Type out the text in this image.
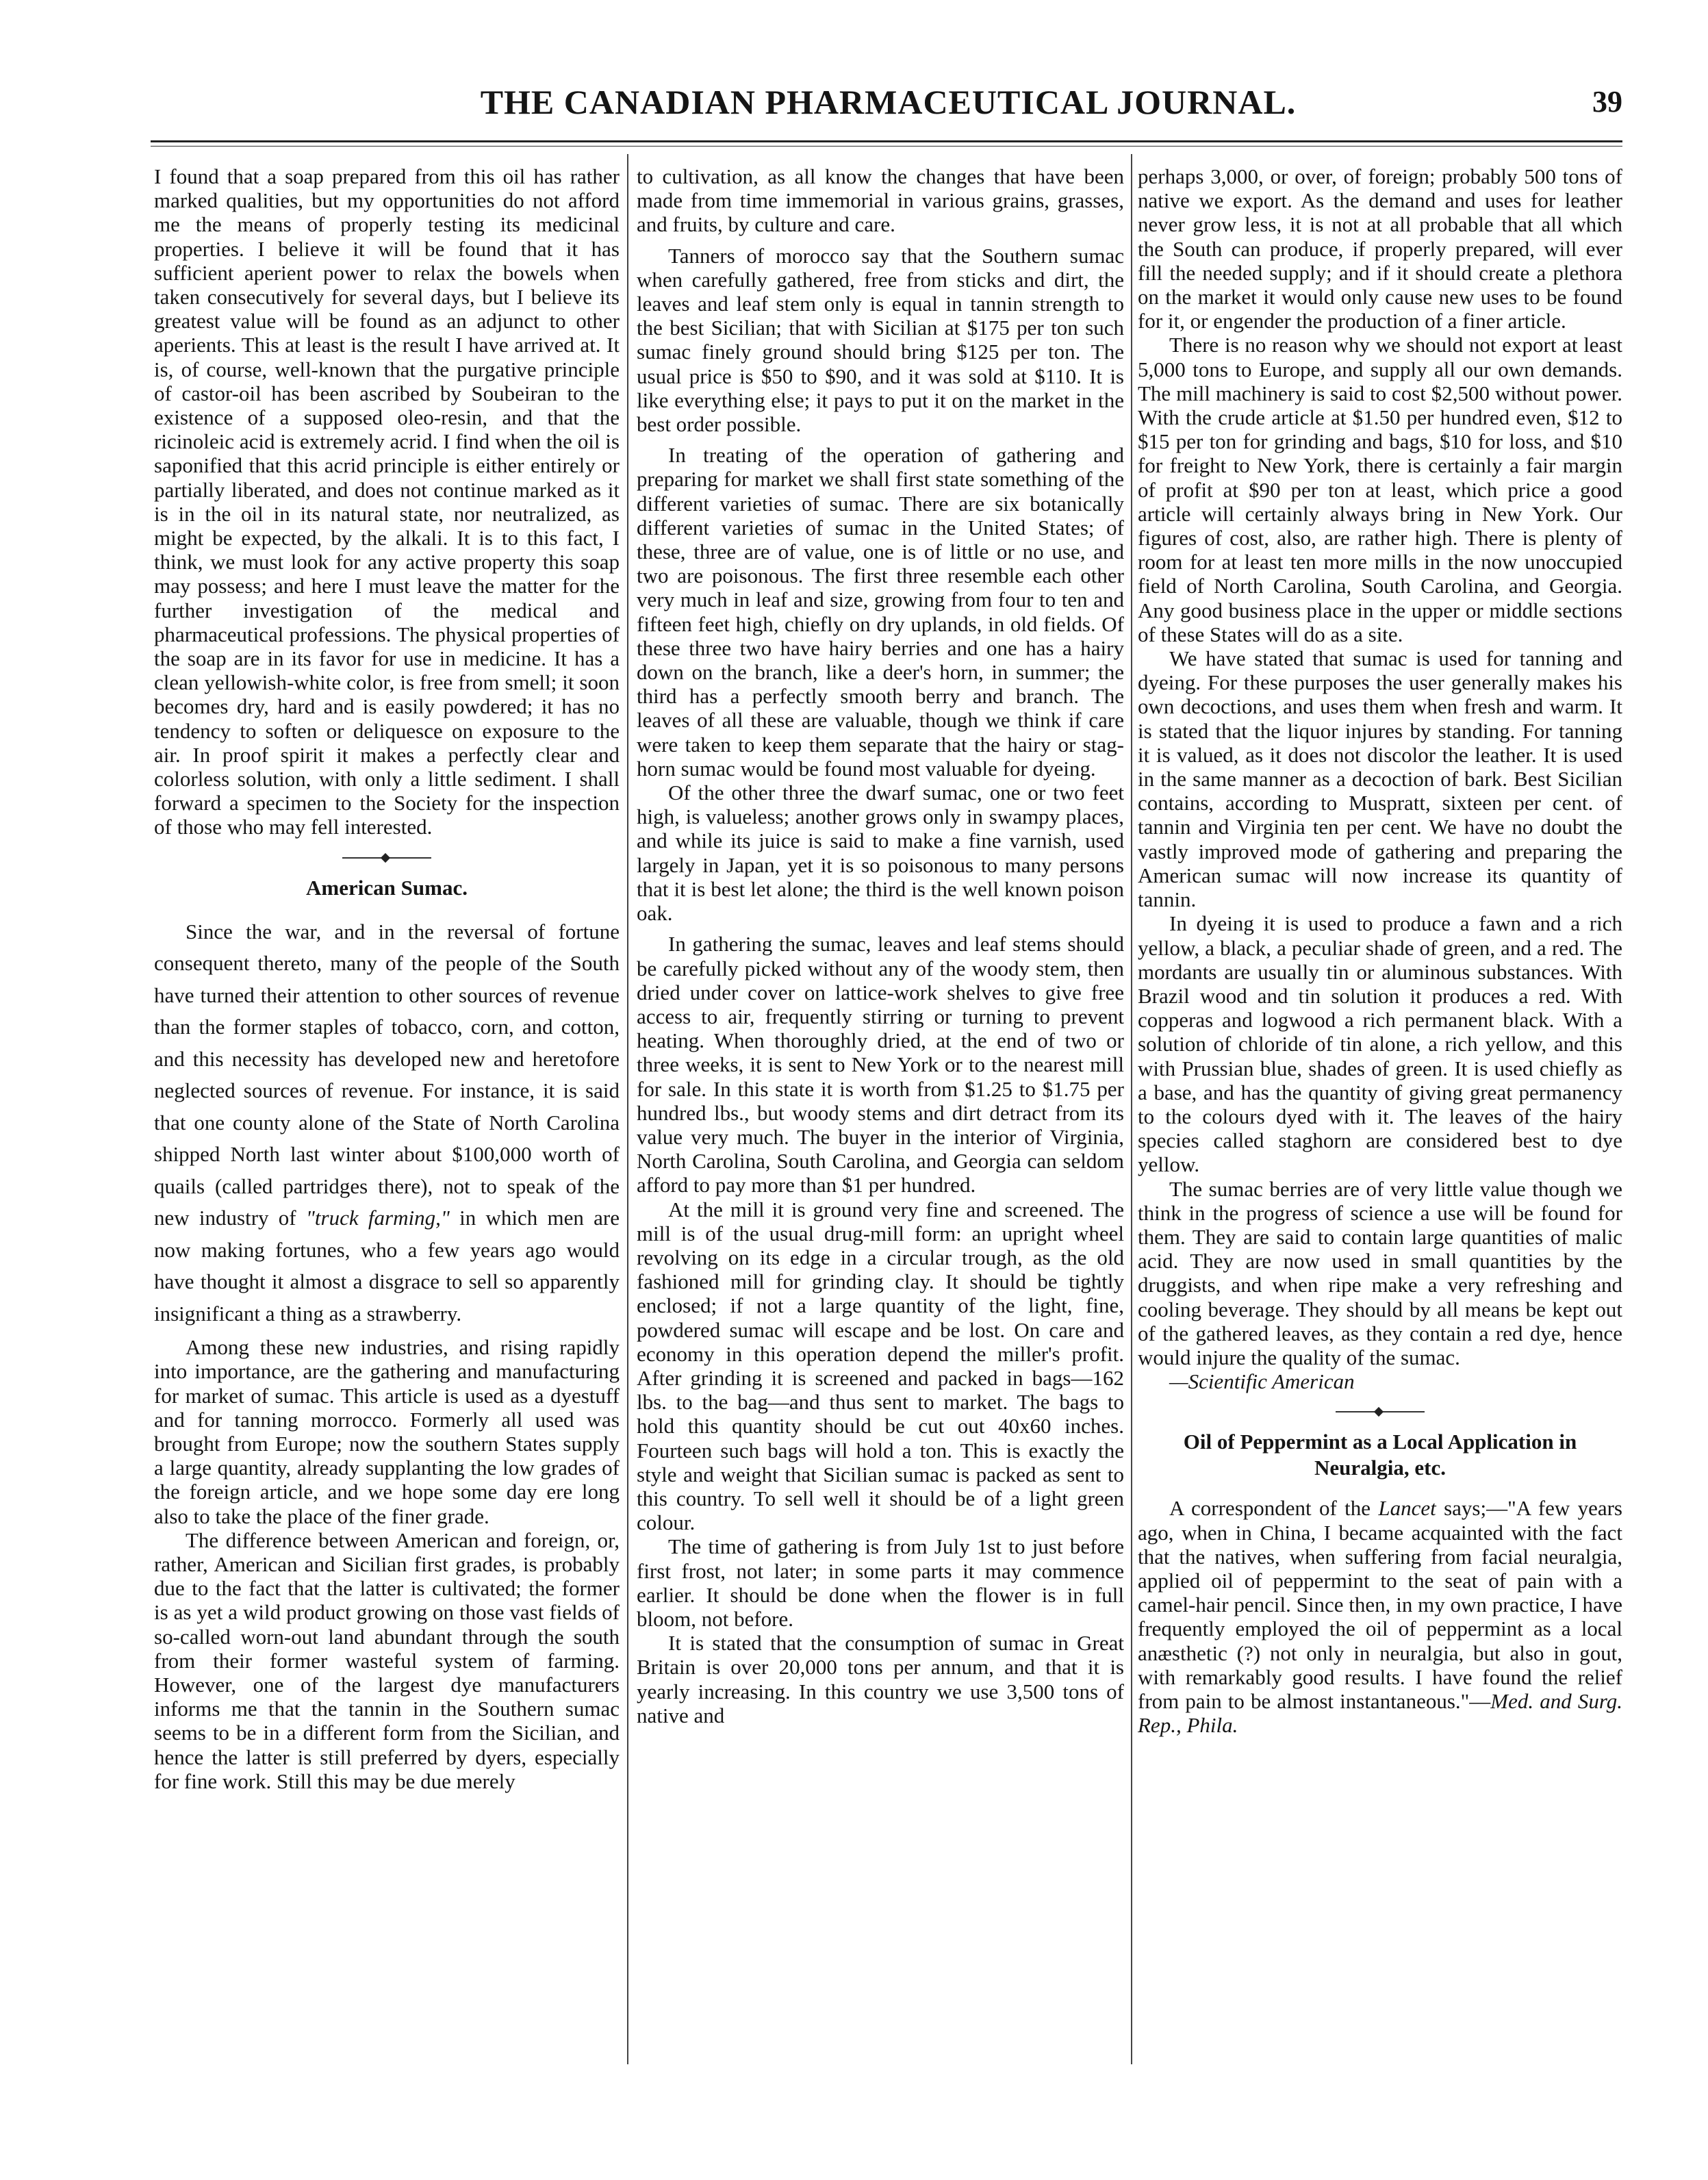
THE CANADIAN PHARMACEUTICAL JOURNAL.	39

I found that a soap prepared from this oil has rather marked qualities, but my opportunities do not afford me the means of properly testing its medicinal properties. I believe it will be found that it has sufficient aperient power to relax the bowels when taken consecutively for several days, but I believe its greatest value will be found as an adjunct to other aperients. This at least is the result I have arrived at. It is, of course, well-known that the purgative principle of castor-oil has been ascribed by Soubeiran to the existence of a supposed oleo-resin, and that the ricinoleic acid is extremely acrid. I find when the oil is saponified that this acrid principle is either entirely or partially liberated, and does not continue marked as it is in the oil in its natural state, nor neutralized, as might be expected, by the alkali. It is to this fact, I think, we must look for any active property this soap may possess; and here I must leave the matter for the further investigation of the medical and pharmaceutical professions. The physical properties of the soap are in its favor for use in medicine. It has a clean yellowish-white color, is free from smell; it soon becomes dry, hard and is easily powdered; it has no tendency to soften or deliquesce on exposure to the air. In proof spirit it makes a perfectly clear and colorless solution, with only a little sediment. I shall forward a specimen to the Society for the inspection of those who may fell interested.

American Sumac.

Since the war, and in the reversal of fortune consequent thereto, many of the people of the South have turned their attention to other sources of revenue than the former staples of tobacco, corn, and cotton, and this necessity has developed new and heretofore neglected sources of revenue. For instance, it is said that one county alone of the State of North Carolina shipped North last winter about $100,000 worth of quails (called partridges there), not to speak of the new industry of "truck farming," in which men are now making fortunes, who a few years ago would have thought it almost a disgrace to sell so apparently insignificant a thing as a strawberry.

Among these new industries, and rising rapidly into importance, are the gathering and manufacturing for market of sumac. This article is used as a dyestuff and for tanning morrocco. Formerly all used was brought from Europe; now the southern States supply a large quantity, already supplanting the low grades of the foreign article, and we hope some day ere long also to take the place of the finer grade.

The difference between American and foreign, or, rather, American and Sicilian first grades, is probably due to the fact that the latter is cultivated; the former is as yet a wild product growing on those vast fields of so-called worn-out land abundant through the south from their former wasteful system of farming. However, one of the largest dye manufacturers informs me that the tannin in the Southern sumac seems to be in a different form from the Sicilian, and hence the latter is still preferred by dyers, especially for fine work. Still this may be due merely

to cultivation, as all know the changes that have been made from time immemorial in various grains, grasses, and fruits, by culture and care.

Tanners of morocco say that the Southern sumac when carefully gathered, free from sticks and dirt, the leaves and leaf stem only is equal in tannin strength to the best Sicilian; that with Sicilian at $175 per ton such sumac finely ground should bring $125 per ton. The usual price is $50 to $90, and it was sold at $110. It is like everything else; it pays to put it on the market in the best order possible.

In treating of the operation of gathering and preparing for market we shall first state something of the different varieties of sumac. There are six botanically different varieties of sumac in the United States; of these, three are of value, one is of little or no use, and two are poisonous. The first three resemble each other very much in leaf and size, growing from four to ten and fifteen feet high, chiefly on dry uplands, in old fields. Of these three two have hairy berries and one has a hairy down on the branch, like a deer's horn, in summer; the third has a perfectly smooth berry and branch. The leaves of all these are valuable, though we think if care were taken to keep them separate that the hairy or stag-horn sumac would be found most valuable for dyeing.

Of the other three the dwarf sumac, one or two feet high, is valueless; another grows only in swampy places, and while its juice is said to make a fine varnish, used largely in Japan, yet it is so poisonous to many persons that it is best let alone; the third is the well known poison oak.

In gathering the sumac, leaves and leaf stems should be carefully picked without any of the woody stem, then dried under cover on lattice-work shelves to give free access to air, frequently stirring or turning to prevent heating. When thoroughly dried, at the end of two or three weeks, it is sent to New York or to the nearest mill for sale. In this state it is worth from $1.25 to $1.75 per hundred lbs., but woody stems and dirt detract from its value very much. The buyer in the interior of Virginia, North Carolina, South Carolina, and Georgia can seldom afford to pay more than $1 per hundred.

At the mill it is ground very fine and screened. The mill is of the usual drug-mill form: an upright wheel revolving on its edge in a circular trough, as the old fashioned mill for grinding clay. It should be tightly enclosed; if not a large quantity of the light, fine, powdered sumac will escape and be lost. On care and economy in this operation depend the miller's profit. After grinding it is screened and packed in bags—162 lbs. to the bag—and thus sent to market. The bags to hold this quantity should be cut out 40x60 inches. Fourteen such bags will hold a ton. This is exactly the style and weight that Sicilian sumac is packed as sent to this country. To sell well it should be of a light green colour.

The time of gathering is from July 1st to just before first frost, not later; in some parts it may commence earlier. It should be done when the flower is in full bloom, not before.

It is stated that the consumption of sumac in Great Britain is over 20,000 tons per annum, and that it is yearly increasing. In this country we use 3,500 tons of native and

perhaps 3,000, or over, of foreign; probably 500 tons of native we export. As the demand and uses for leather never grow less, it is not at all probable that all which the South can produce, if properly prepared, will ever fill the needed supply; and if it should create a plethora on the market it would only cause new uses to be found for it, or engender the production of a finer article.

There is no reason why we should not export at least 5,000 tons to Europe, and supply all our own demands. The mill machinery is said to cost $2,500 without power. With the crude article at $1.50 per hundred even, $12 to $15 per ton for grinding and bags, $10 for loss, and $10 for freight to New York, there is certainly a fair margin of profit at $90 per ton at least, which price a good article will certainly always bring in New York. Our figures of cost, also, are rather high. There is plenty of room for at least ten more mills in the now unoccupied field of North Carolina, South Carolina, and Georgia. Any good business place in the upper or middle sections of these States will do as a site.

We have stated that sumac is used for tanning and dyeing. For these purposes the user generally makes his own decoctions, and uses them when fresh and warm. It is stated that the liquor injures by standing. For tanning it is valued, as it does not discolor the leather. It is used in the same manner as a decoction of bark. Best Sicilian contains, according to Muspratt, sixteen per cent. of tannin and Virginia ten per cent. We have no doubt the vastly improved mode of gathering and preparing the American sumac will now increase its quantity of tannin.

In dyeing it is used to produce a fawn and a rich yellow, a black, a peculiar shade of green, and a red. The mordants are usually tin or aluminous substances. With Brazil wood and tin solution it produces a red. With copperas and logwood a rich permanent black. With a solution of chloride of tin alone, a rich yellow, and this with Prussian blue, shades of green. It is used chiefly as a base, and has the quantity of giving great permanency to the colours dyed with it. The leaves of the hairy species called staghorn are considered best to dye yellow.

The sumac berries are of very little value though we think in the progress of science a use will be found for them. They are said to contain large quantities of malic acid. They are now used in small quantities by the druggists, and when ripe make a very refreshing and cooling beverage. They should by all means be kept out of the gathered leaves, as they contain a red dye, hence would injure the quality of the sumac.

—Scientific American

Oil of Peppermint as a Local Application in Neuralgia, etc.

A correspondent of the Lancet says;—"A few years ago, when in China, I became acquainted with the fact that the natives, when suffering from facial neuralgia, applied oil of peppermint to the seat of pain with a camel-hair pencil. Since then, in my own practice, I have frequently employed the oil of peppermint as a local anæsthetic (?) not only in neuralgia, but also in gout, with remarkably good results. I have found the relief from pain to be almost instantaneous."—Med. and Surg. Rep., Phila.
